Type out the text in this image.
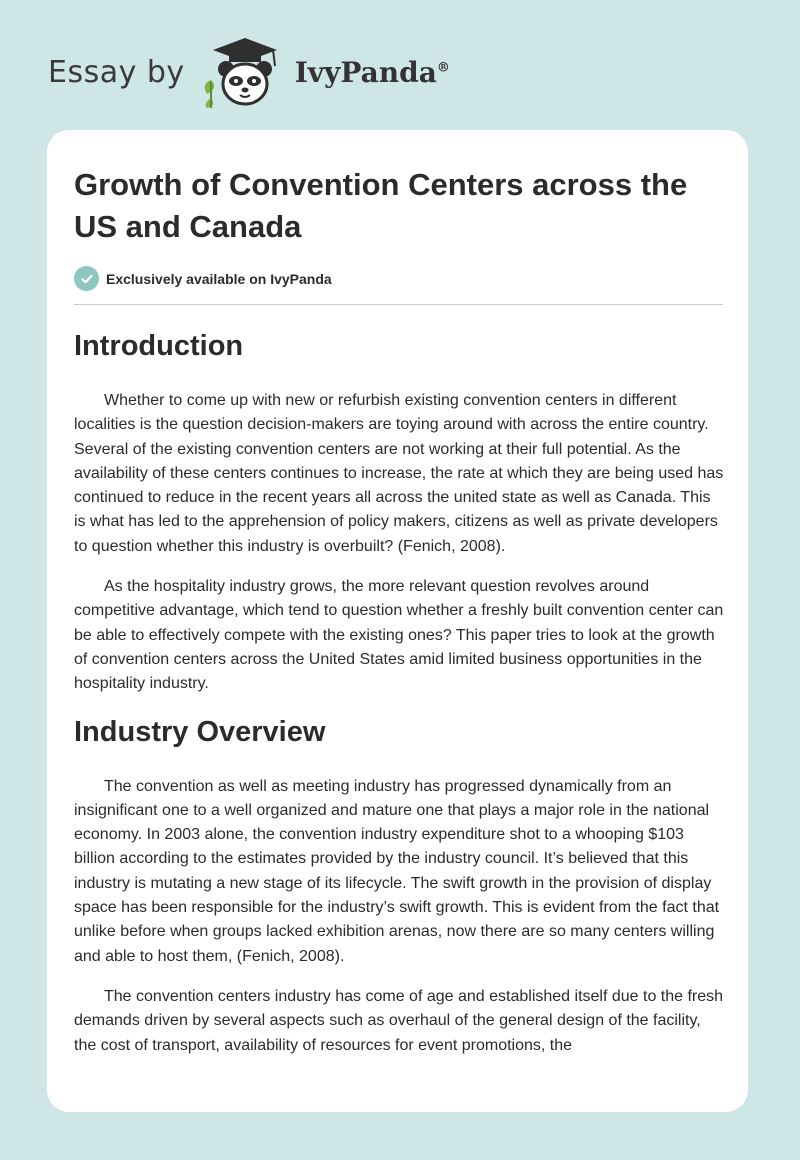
Essay by	IvyPanda®
Growth of Convention Centers across the US and Canada
Exclusively available on IvyPanda
Introduction

Whether to come up with new or refurbish existing convention centers in different localities is the question decision-makers are toying around with across the entire country. Several of the existing convention centers are not working at their full potential. As the availability of these centers continues to increase, the rate at which they are being used has continued to reduce in the recent years all across the united state as well as Canada. This is what has led to the apprehension of policy makers, citizens as well as private developers to question whether this industry is overbuilt? (Fenich, 2008).

As the hospitality industry grows, the more relevant question revolves around competitive advantage, which tend to question whether a freshly built convention center can be able to effectively compete with the existing ones? This paper tries to look at the growth of convention centers across the United States amid limited business opportunities in the hospitality industry.

Industry Overview

The convention as well as meeting industry has progressed dynamically from an insignificant one to a well organized and mature one that plays a major role in the national economy. In 2003 alone, the convention industry expenditure shot to a whooping $103 billion according to the estimates provided by the industry council. It’s believed that this industry is mutating a new stage of its lifecycle. The swift growth in the provision of display space has been responsible for the industry’s swift growth. This is evident from the fact that unlike before when groups lacked exhibition arenas, now there are so many centers willing and able to host them, (Fenich, 2008).

The convention centers industry has come of age and established itself due to the fresh demands driven by several aspects such as overhaul of the general design of the facility, the cost of transport, availability of resources for event promotions, the
